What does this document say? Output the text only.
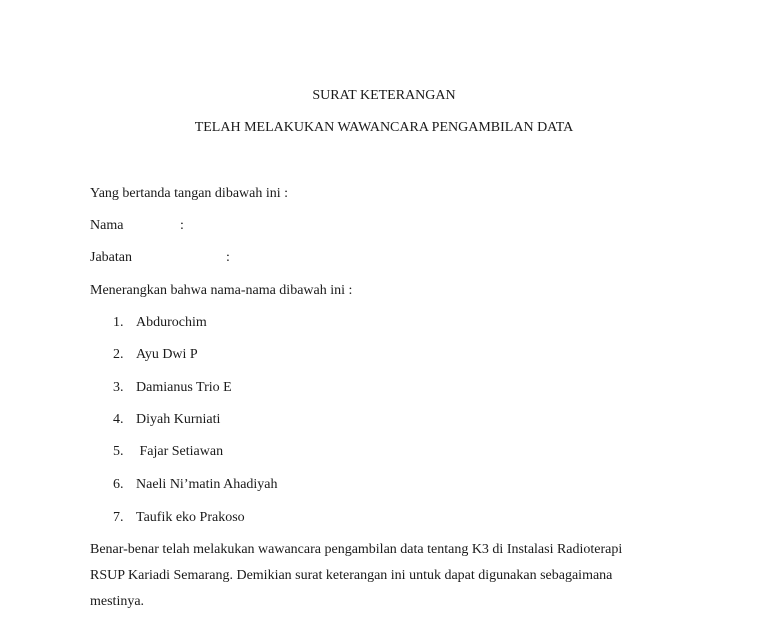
SURAT KETERANGAN
TELAH MELAKUKAN WAWANCARA PENGAMBILAN DATA
Yang bertanda tangan dibawah ini :
Nama	:
Jabatan	:
Menerangkan bahwa nama-nama dibawah ini :
1. Abdurochim
2. Ayu Dwi P
3. Damianus Trio E
4. Diyah Kurniati
5. Fajar Setiawan
6. Naeli Ni’matin Ahadiyah
7. Taufik eko Prakoso
Benar-benar telah melakukan wawancara pengambilan data tentang K3 di Instalasi Radioterapi
RSUP Kariadi Semarang. Demikian surat keterangan ini untuk dapat digunakan sebagaimana
mestinya.
